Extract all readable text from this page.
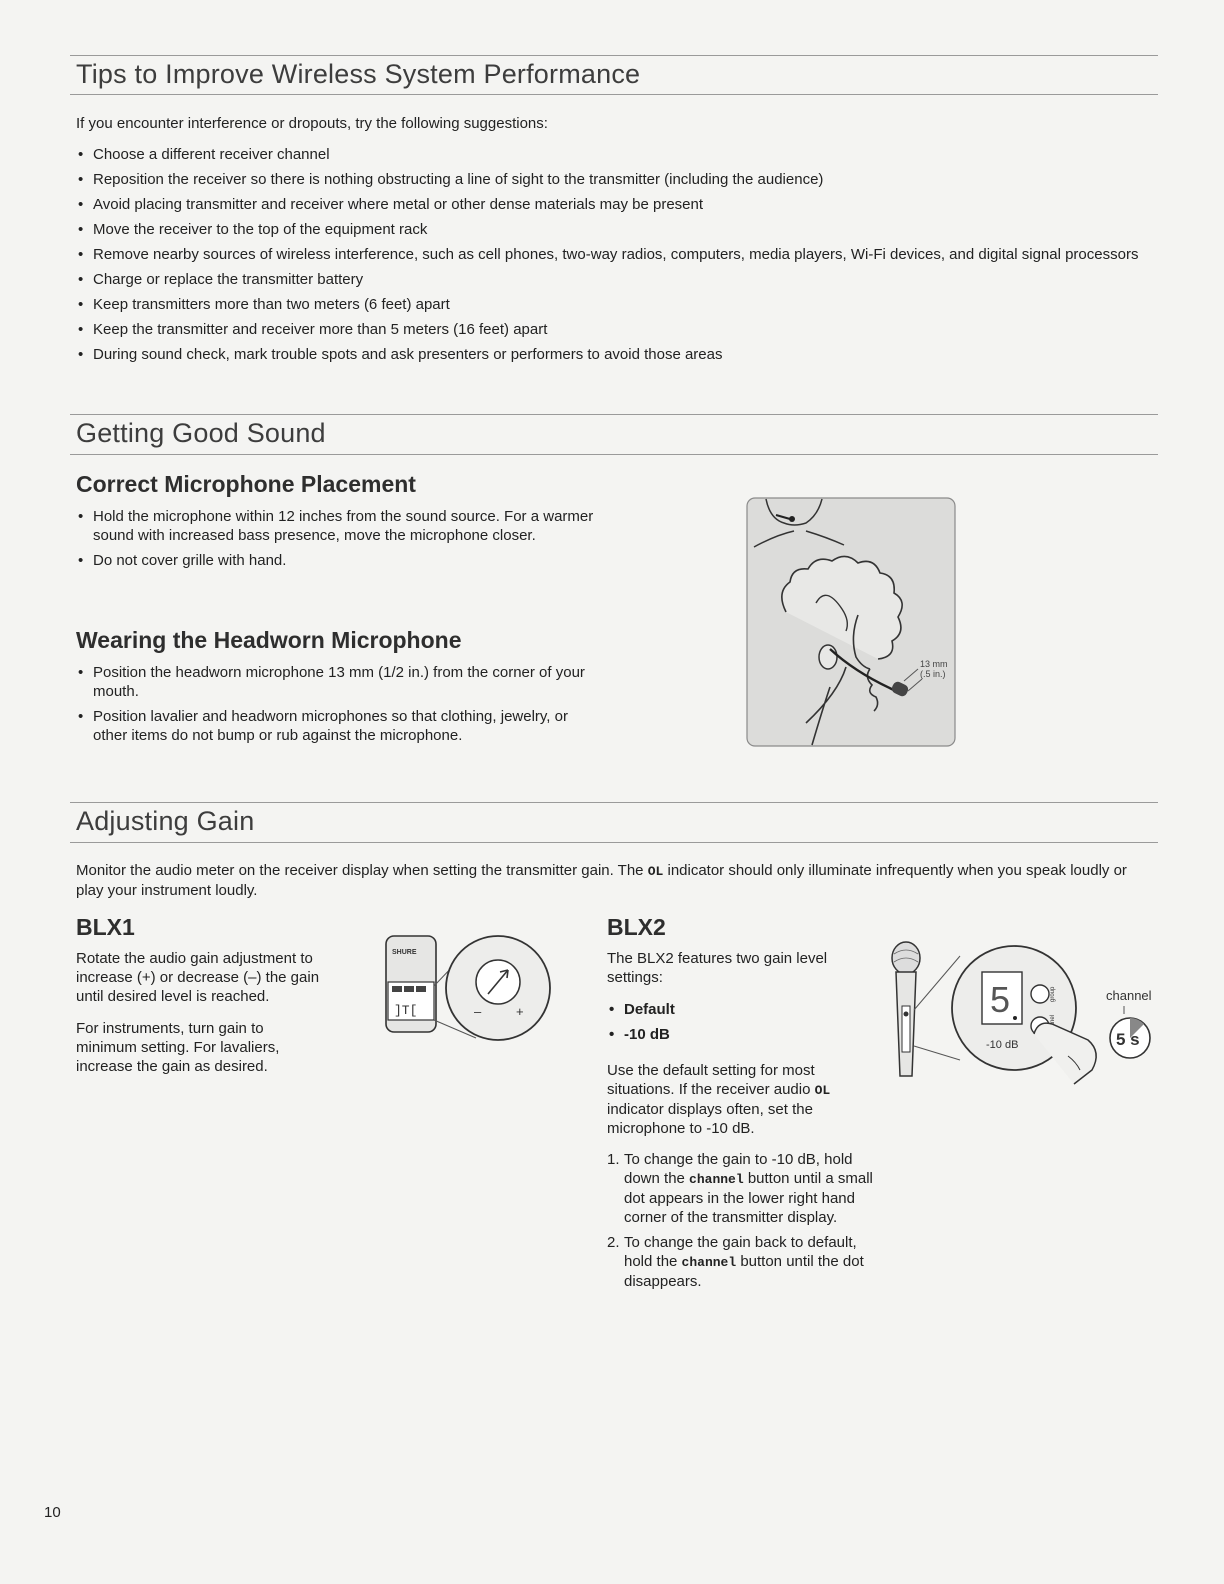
Tips to Improve Wireless System Performance

If you encounter interference or dropouts, try the following suggestions:

• Choose a different receiver channel
• Reposition the receiver so there is nothing obstructing a line of sight to the transmitter (including the audience)
• Avoid placing transmitter and receiver where metal or other dense materials may be present
• Move the receiver to the top of the equipment rack
• Remove nearby sources of wireless interference, such as cell phones, two-way radios, computers, media players, Wi-Fi devices, and digital signal processors
• Charge or replace the transmitter battery
• Keep transmitters more than two meters (6 feet) apart
• Keep the transmitter and receiver more than 5 meters (16 feet) apart
• During sound check, mark trouble spots and ask presenters or performers to avoid those areas
Getting Good Sound
Correct Microphone Placement
• Hold the microphone within 12 inches from the sound source. For a warmer sound with increased bass presence, move the microphone closer.
• Do not cover grille with hand.
Wearing the Headworn Microphone
• Position the headworn microphone 13 mm (1/2 in.) from the corner of your mouth.
• Position lavalier and headworn microphones so that clothing, jewelry, or other items do not bump or rub against the microphone.
13 mm
(.5 in.)
Adjusting Gain

Monitor the audio meter on the receiver display when setting the transmitter gain. The OL indicator should only illuminate infrequently when you speak loudly or play your instrument loudly.

BLX1

Rotate the audio gain adjustment to increase (+) or decrease (–) the gain until desired level is reached.

For instruments, turn gain to minimum setting. For lavaliers, increase the gain as desired.

SHURE
]T[	–	+
BLX2

The BLX2 features two gain level settings:

• Default
• -10 dB

Use the default setting for most situations. If the receiver audio OL indicator displays often, set the microphone to -10 dB.

1. To change the gain to -10 dB, hold down the channel button until a small dot appears in the lower right hand corner of the transmitter display.
2. To change the gain back to default, hold the channel button until the dot disappears.
5	group
-10 dB
channel
5 s

10
